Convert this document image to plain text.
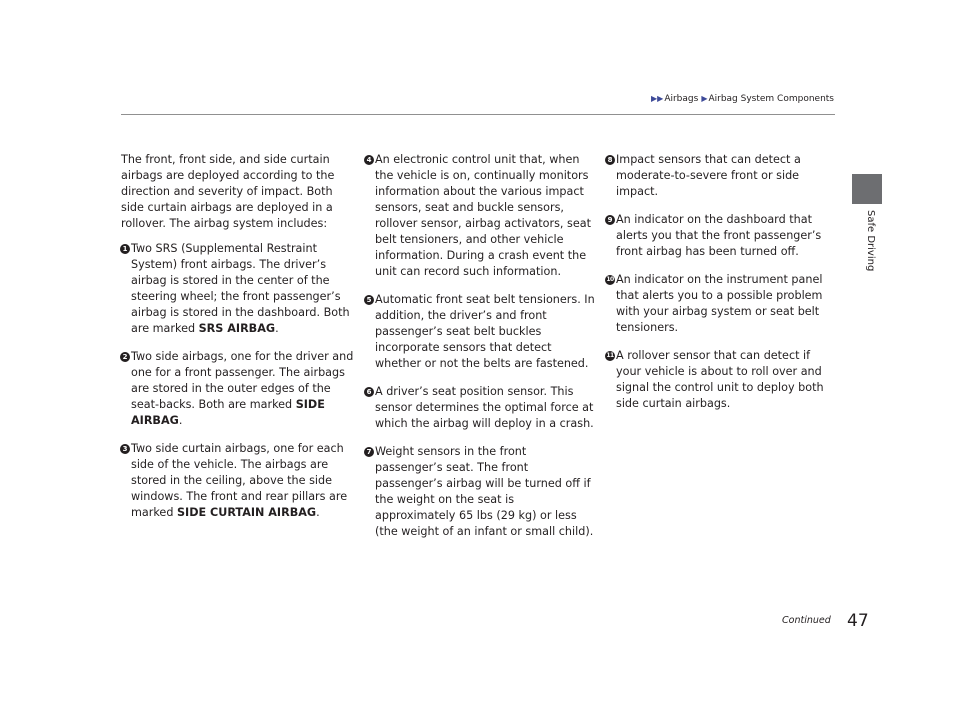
▶▶Airbags ▶Airbag System Components
Safe Driving

The front, front side, and side curtain airbags are deployed according to the direction and severity of impact. Both side curtain airbags are deployed in a rollover. The airbag system includes:

1 Two SRS (Supplemental Restraint System) front airbags. The driver’s airbag is stored in the center of the steering wheel; the front passenger’s airbag is stored in the dashboard. Both are marked SRS AIRBAG.
2 Two side airbags, one for the driver and one for a front passenger. The airbags are stored in the outer edges of the seat-backs. Both are marked SIDE AIRBAG.
3 Two side curtain airbags, one for each side of the vehicle. The airbags are stored in the ceiling, above the side windows. The front and rear pillars are marked SIDE CURTAIN AIRBAG.
4 An electronic control unit that, when the vehicle is on, continually monitors information about the various impact sensors, seat and buckle sensors, rollover sensor, airbag activators, seat belt tensioners, and other vehicle information. During a crash event the unit can record such information.
5 Automatic front seat belt tensioners. In addition, the driver’s and front passenger’s seat belt buckles incorporate sensors that detect whether or not the belts are fastened.
6 A driver’s seat position sensor. This sensor determines the optimal force at which the airbag will deploy in a crash.
7 Weight sensors in the front passenger’s seat. The front passenger’s airbag will be turned off if the weight on the seat is approximately 65 lbs (29 kg) or less (the weight of an infant or small child).
8 Impact sensors that can detect a moderate-to-severe front or side impact.
9 An indicator on the dashboard that alerts you that the front passenger’s front airbag has been turned off.
10 An indicator on the instrument panel that alerts you to a possible problem with your airbag system or seat belt tensioners.
11 A rollover sensor that can detect if your vehicle is about to roll over and signal the control unit to deploy both side curtain airbags.
Continued 47
